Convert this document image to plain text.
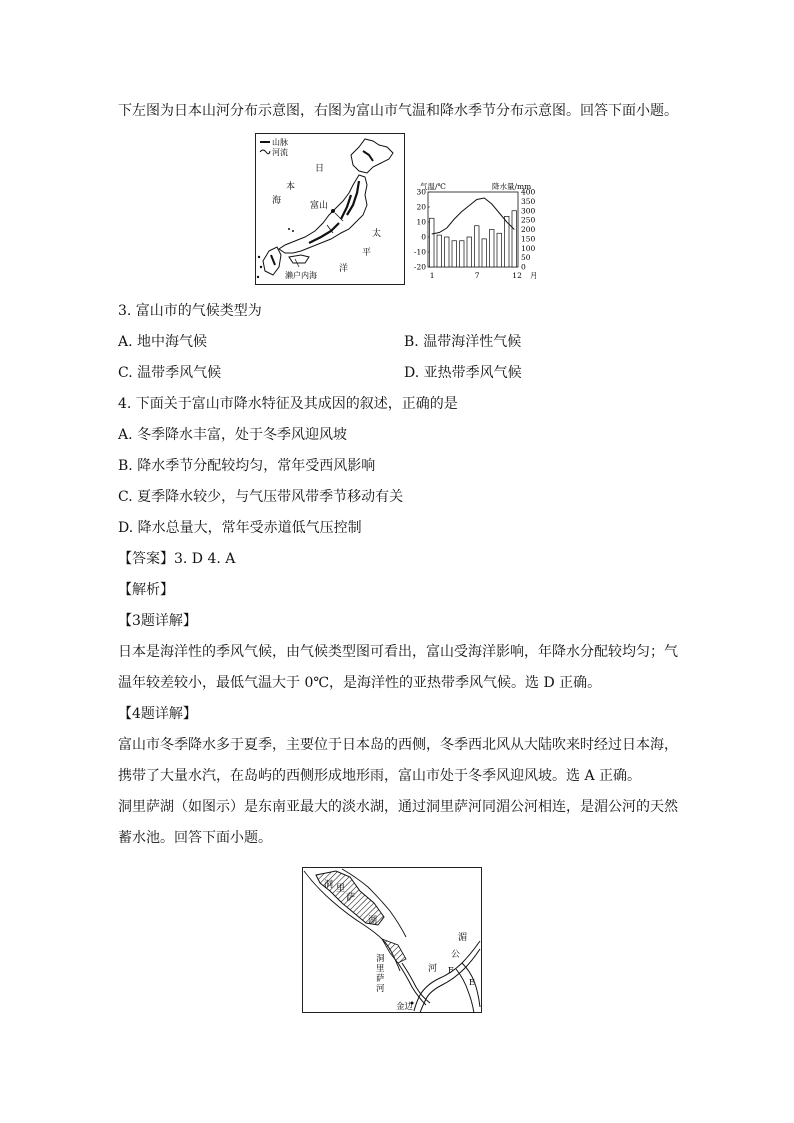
下左图为日本山河分布示意图，右图为富山市气温和降水季节分布示意图。回答下面小题。
山脉
河流
日
本
海	富山
太
平
洋
濑户内海
气温/℃	降水量/mm
30
20
10
0
-10
-20
400
350
300
250
200
150
100
50
0
1	7	12 月
3. 富山市的气候类型为
A. 地中海气候	B. 温带海洋性气候
C. 温带季风气候	D. 亚热带季风气候
4. 下面关于富山市降水特征及其成因的叙述，正确的是
A. 冬季降水丰富，处于冬季风迎风坡
B. 降水季节分配较均匀，常年受西风影响
C. 夏季降水较少，与气压带风带季节移动有关
D. 降水总量大，常年受赤道低气压控制
【答案】3. D 4. A
【解析】
【3题详解】
日本是海洋性的季风气候，由气候类型图可看出，富山受海洋影响，年降水分配较均匀；气
温年较差较小，最低气温大于 0℃，是海洋性的亚热带季风气候。选 D 正确。
【4题详解】
富山市冬季降水多于夏季，主要位于日本岛的西侧，冬季西北风从大陆吹来时经过日本海，
携带了大量水汽，在岛屿的西侧形成地形雨，富山市处于冬季风迎风坡。选 A 正确。
洞里萨湖（如图示）是东南亚最大的淡水湖，通过洞里萨河同湄公河相连，是湄公河的天然
蓄水池。回答下面小题。
洞 里
萨
湖
洞
里
萨
河
湄
公
河 F
E
金边
